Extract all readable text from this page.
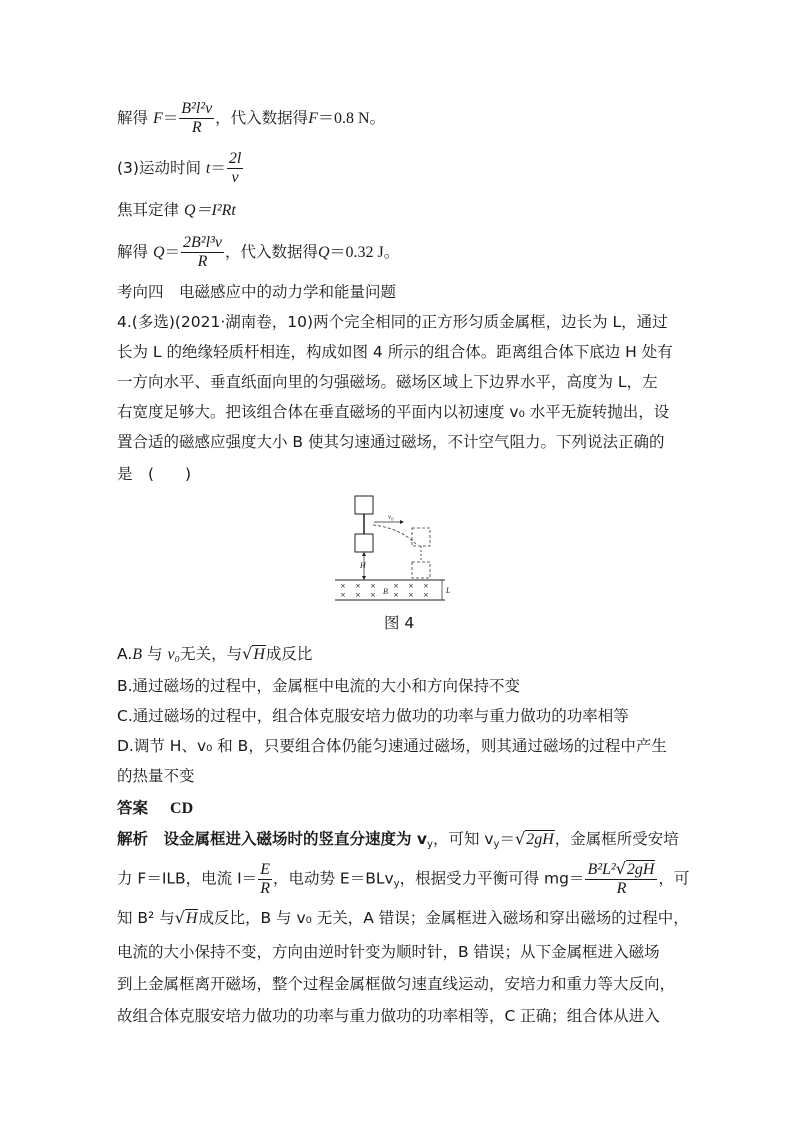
解得 $F= \frac{\text{B²l²v}}{R}$ ，代入数据得F＝0.8 N。
(3)运动时间 $t= \frac{2l}{v}$
焦耳定律 Q＝I²Rt
解得 $Q= \frac{\text{2B²l³v}}{R}$ ，代入数据得Q＝0.32 J。
考向四　电磁感应中的动力学和能量问题
4.(多选)(2021·湖南卷，10)两个完全相同的正方形匀质金属框，边长为 L，通过
长为 L 的绝缘轻质杆相连，构成如图 4 所示的组合体。距离组合体下底边 H 处有
一方向水平、垂直纸面向里的匀强磁场。磁场区域上下边界水平，高度为 L，左
右宽度足够大。把该组合体在垂直磁场的平面内以初速度 v₀ 水平无旋转抛出，设
置合适的磁感应强度大小 B 使其匀速通过磁场，不计空气阻力。下列说法正确的
是　(　　)
v₀
H
× × × × × ×
× × × × × ×
B	L
图 4
A.B 与 v₀无关，与√H成反比
B.通过磁场的过程中，金属框中电流的大小和方向保持不变
C.通过磁场的过程中，组合体克服安培力做功的功率与重力做功的功率相等
D.调节 H、v₀ 和 B，只要组合体仍能匀速通过磁场，则其通过磁场的过程中产生
的热量不变
答案 CD
解析　设金属框进入磁场时的竖直分速度为 $v_y$，可知 $v_y=√2gH$，金属框所受安培
力 F＝ILB，电流 $I= \frac{E}{R}$ ，电动势 E＝BLv$_y$，根据受力平衡可得 $mg= \frac{\text{B²L²√2gH}}{R}$ ，可
知 B² 与√H成反比，B 与 v₀ 无关，A 错误；金属框进入磁场和穿出磁场的过程中，
电流的大小保持不变，方向由逆时针变为顺时针，B 错误；从下金属框进入磁场
到上金属框离开磁场，整个过程金属框做匀速直线运动，安培力和重力等大反向，
故组合体克服安培力做功的功率与重力做功的功率相等，C 正确；组合体从进入
